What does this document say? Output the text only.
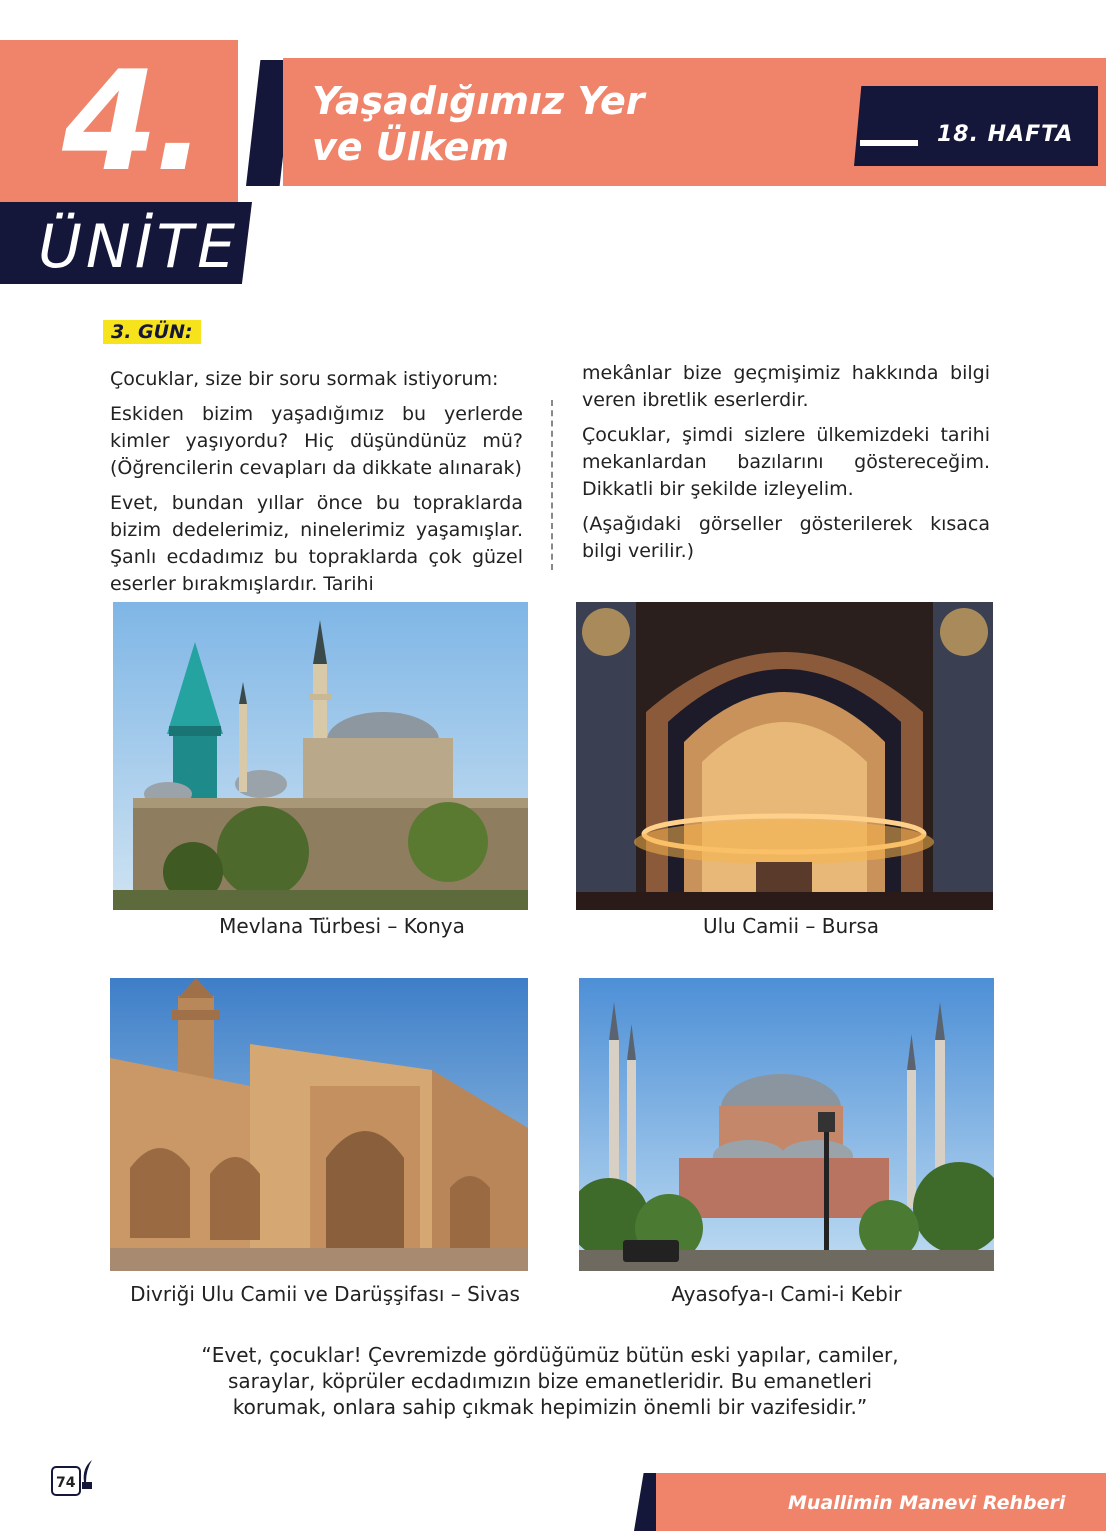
4.
ÜNİTE
Yaşadığımız Yer
ve Ülkem	18. HAFTA
3. GÜN:

Çocuklar, size bir soru sormak istiyorum:

Eskiden bizim yaşadığımız bu yerlerde kimler yaşıyordu? Hiç düşündünüz mü? (Öğrencilerin cevapları da dikkate alınarak)

Evet, bundan yıllar önce bu topraklarda bizim dedelerimiz, ninelerimiz yaşamışlar. Şanlı ecdadımız bu topraklarda çok güzel eserler bırakmışlardır. Tarihi

mekânlar bize geçmişimiz hakkında bilgi veren ibretlik eserlerdir.

Çocuklar, şimdi sizlere ülkemizdeki tarihi mekanlardan bazılarını göstereceğim. Dikkatli bir şekilde izleyelim.

(Aşağıdaki görseller gösterilerek kısaca bilgi verilir.)

Mevlana Türbesi – Konya	Ulu Camii – Bursa
Divriği Ulu Camii ve Darüşşifası – Sivas	Ayasofya-ı Cami-i Kebir
“Evet, çocuklar! Çevremizde gördüğümüz bütün eski yapılar, camiler,
saraylar, köprüler ecdadımızın bize emanetleridir. Bu emanetleri
korumak, onlara sahip çıkmak hepimizin önemli bir vazifesidir.”
74
Muallimin Manevi Rehberi
